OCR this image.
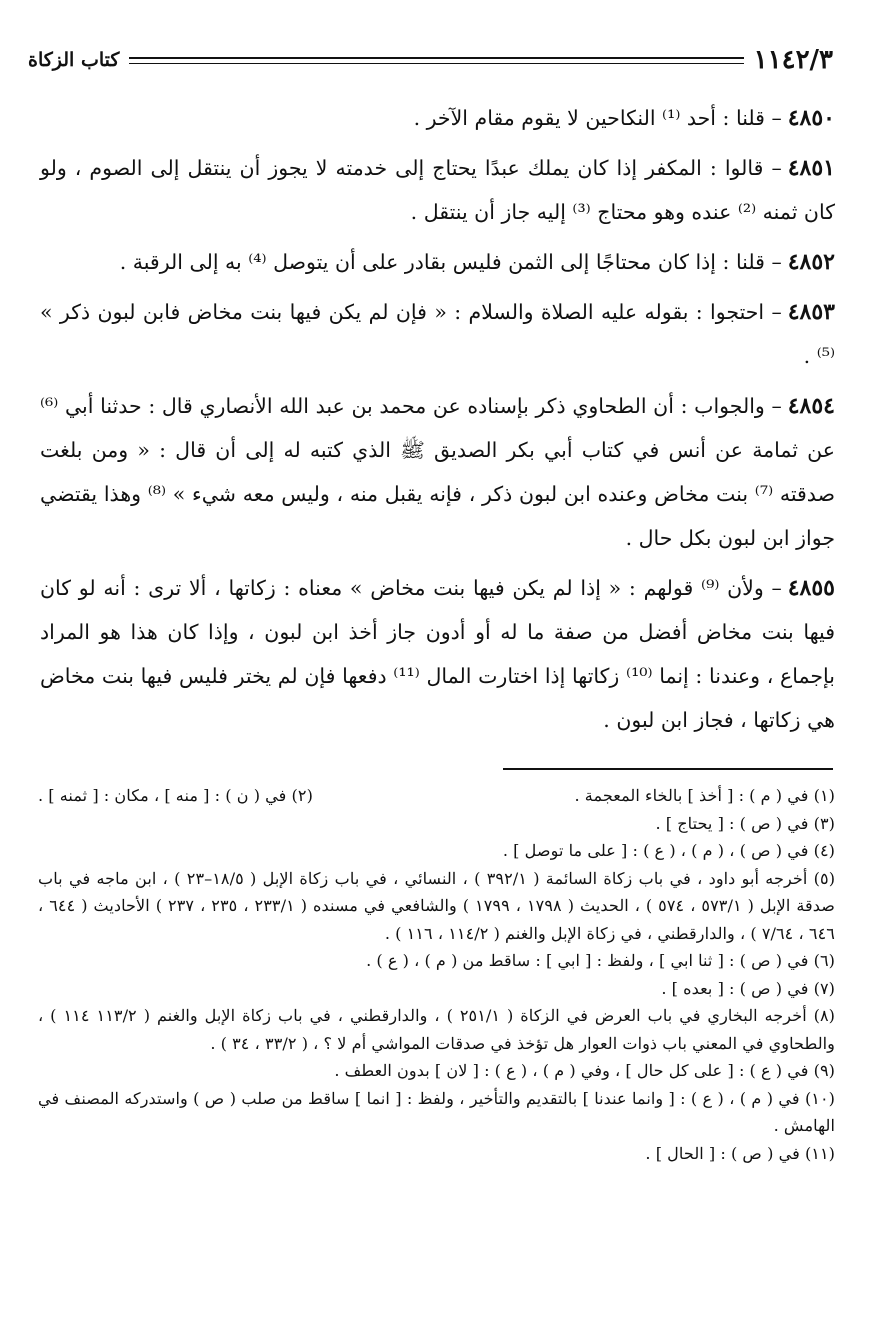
١١٤٢/٣
كتاب الزكاة

٤٨٥٠– قلنا : أحد ⁽¹⁾ النكاحين لا يقوم مقام الآخر .

٤٨٥١– قالوا : المكفر إذا كان يملك عبدًا يحتاج إلى خدمته لا يجوز أن ينتقل إلى الصوم ، ولو كان ثمنه ⁽²⁾ عنده وهو محتاج ⁽³⁾ إليه جاز أن ينتقل .

٤٨٥٢– قلنا : إذا كان محتاجًا إلى الثمن فليس بقادر على أن يتوصل ⁽⁴⁾ به إلى الرقبة .

٤٨٥٣– احتجوا : بقوله عليه الصلاة والسلام : « فإن لم يكن فيها بنت مخاض فابن لبون ذكر » ⁽⁵⁾ .

٤٨٥٤– والجواب : أن الطحاوي ذكر بإسناده عن محمد بن عبد الله الأنصاري قال : حدثنا أبي ⁽⁶⁾ عن ثمامة عن أنس في كتاب أبي بكر الصديق ﷺ الذي كتبه له إلى أن قال : « ومن بلغت صدقته ⁽⁷⁾ بنت مخاض وعنده ابن لبون ذكر ، فإنه يقبل منه ، وليس معه شيء » ⁽⁸⁾ وهذا يقتضي جواز ابن لبون بكل حال .

٤٨٥٥– ولأن ⁽⁹⁾ قولهم : « إذا لم يكن فيها بنت مخاض » معناه : زكاتها ، ألا ترى : أنه لو كان فيها بنت مخاض أفضل من صفة ما له أو أدون جاز أخذ ابن لبون ، وإذا كان هذا هو المراد بإجماع ، وعندنا : إنما ⁽¹⁰⁾ زكاتها إذا اختارت المال ⁽¹¹⁾ دفعها فإن لم يختر فليس فيها بنت مخاض هي زكاتها ، فجاز ابن لبون .

(١) في ( م ) : [ أخذ ] بالخاء المعجمة .

(٢) في ( ن ) : [ منه ] ، مكان : [ ثمنه ] .

(٣) في ( ص ) : [ يحتاج ] .

(٤) في ( ص ) ، ( م ) ، ( ع ) : [ على ما توصل ] .

(٥) أخرجه أبو داود ، في باب زكاة السائمة ( ٣٩٢/١ ) ، النسائي ، في باب زكاة الإبل ( ١٨/٥–٢٣ ) ، ابن ماجه في باب صدقة الإبل ( ٥٧٣/١ ، ٥٧٤ ) ، الحديث ( ١٧٩٨ ، ١٧٩٩ ) والشافعي في مسنده ( ٢٣٣/١ ، ٢٣٥ ، ٢٣٧ ) الأحاديث ( ٦٤٤ ، ٦٤٦ ، ٧/٦٤ ) ، والدارقطني ، في زكاة الإبل والغنم ( ١١٤/٢ ، ١١٦ ) .

(٦) في ( ص ) : [ ثنا ابي ] ، ولفظ : [ ابي ] : ساقط من ( م ) ، ( ع ) .

(٧) في ( ص ) : [ بعده ] .

(٨) أخرجه البخاري في باب العرض في الزكاة ( ٢٥١/١ ) ، والدارقطني ، في باب زكاة الإبل والغنم ( ١١٣/٢ ١١٤ ) ، والطحاوي في المعني باب ذوات العوار هل تؤخذ في صدقات المواشي أم لا ؟ ، ( ٣٣/٢ ، ٣٤ ) .

(٩) في ( ع ) : [ على كل حال ] ، وفي ( م ) ، ( ع ) : [ لان ] بدون العطف .

(١٠) في ( م ) ، ( ع ) : [ وانما عندنا ] بالتقديم والتأخير ، ولفظ : [ انما ] ساقط من صلب ( ص ) واستدركه المصنف في الهامش .

(١١) في ( ص ) : [ الحال ] .
